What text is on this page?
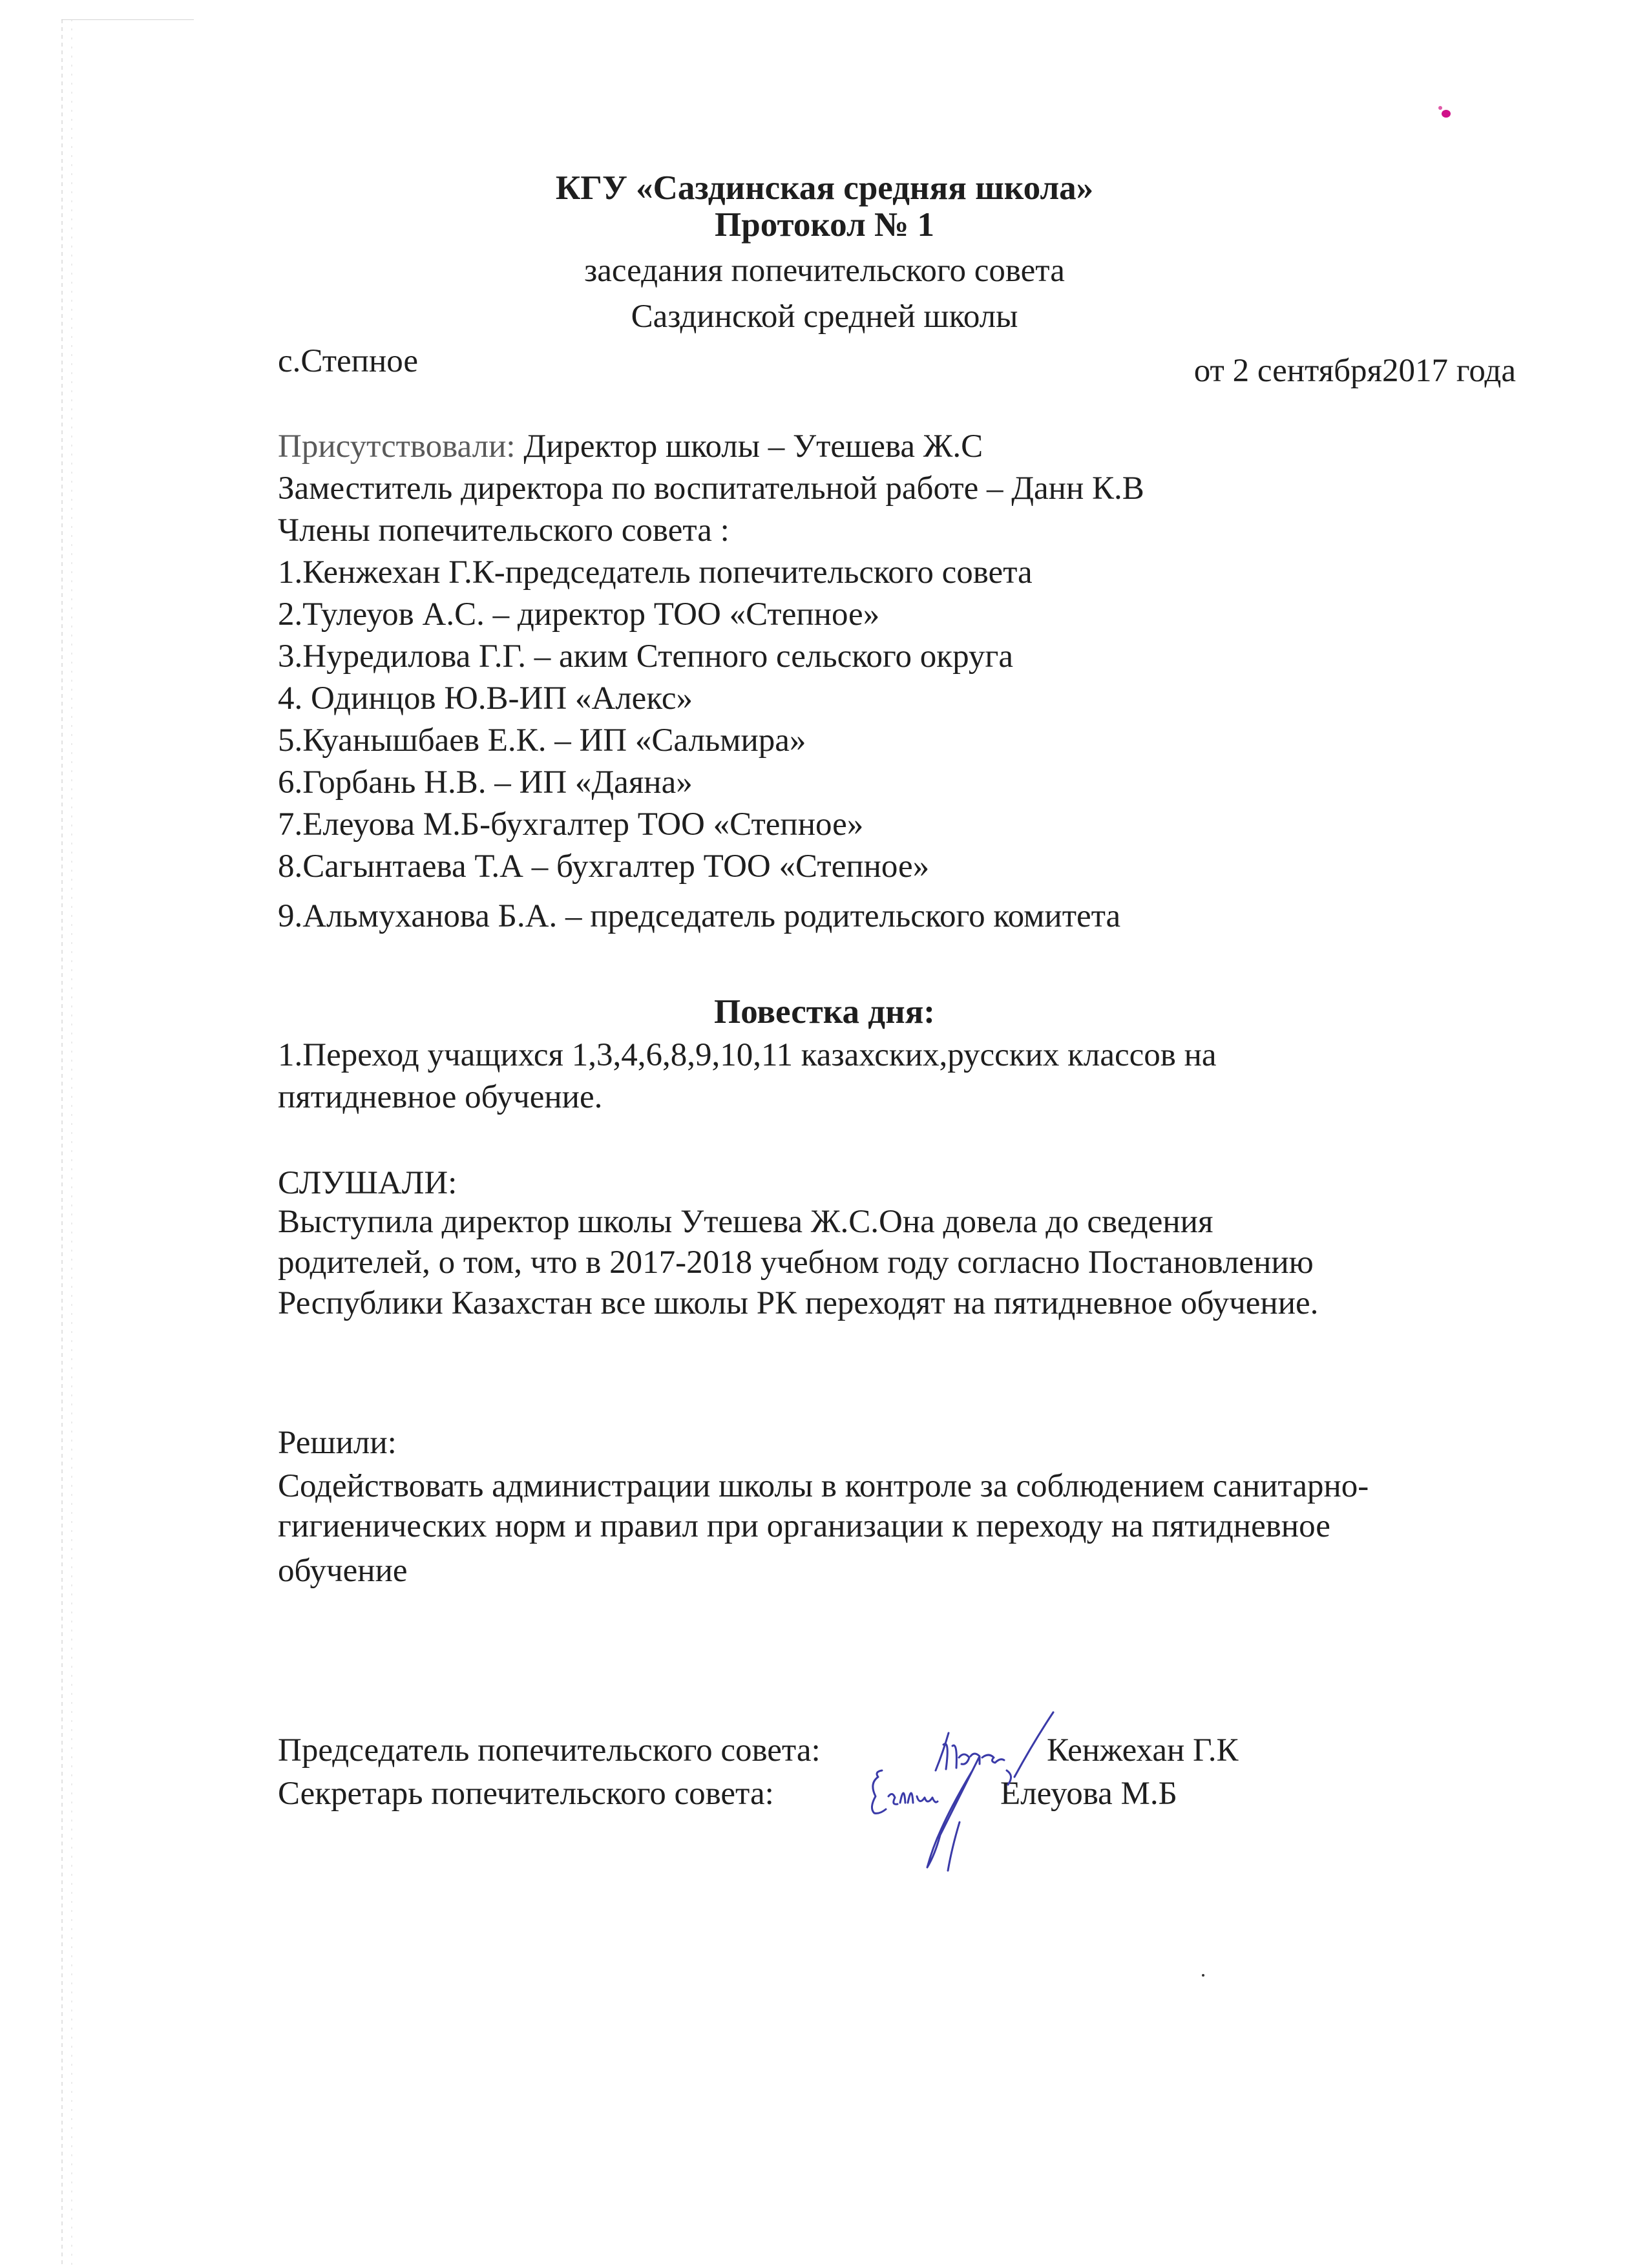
КГУ «Саздинская средняя школа»
Протокол № 1
заседания попечительского совета
Саздинской средней школы
с.Степное	от 2 сентября2017 года
Присутствовали: Директор школы – Утешева Ж.С
Заместитель директора по воспитательной работе – Данн К.В
Члены попечительского совета :
1.Кенжехан Г.К-председатель попечительского совета
2.Тулеуов А.С. – директор ТОО «Степное»
3.Нуредилова Г.Г. – аким Степного сельского округа
4. Одинцов Ю.В-ИП «Алекс»
5.Куанышбаев Е.К. – ИП «Сальмира»
6.Горбань Н.В. – ИП «Даяна»
7.Елеуова М.Б-бухгалтер ТОО «Степное»
8.Сагынтаева Т.А – бухгалтер ТОО «Степное»
9.Альмуханова Б.А. – председатель родительского комитета
Повестка дня:
1.Переход учащихся 1,3,4,6,8,9,10,11 казахских,русских классов на
пятидневное обучение.
СЛУШАЛИ:
Выступила директор школы Утешева Ж.С.Она довела до сведения
родителей, о том, что в 2017-2018 учебном году согласно Постановлению
Республики Казахстан все школы РК переходят на пятидневное обучение.
Решили:
Содействовать администрации школы в контроле за соблюдением санитарно-
гигиенических норм и правил при организации к переходу на пятидневное
обучение
Председатель попечительского совета:	Кенжехан Г.К
Секретарь попечительского совета:	Елеуова М.Б
